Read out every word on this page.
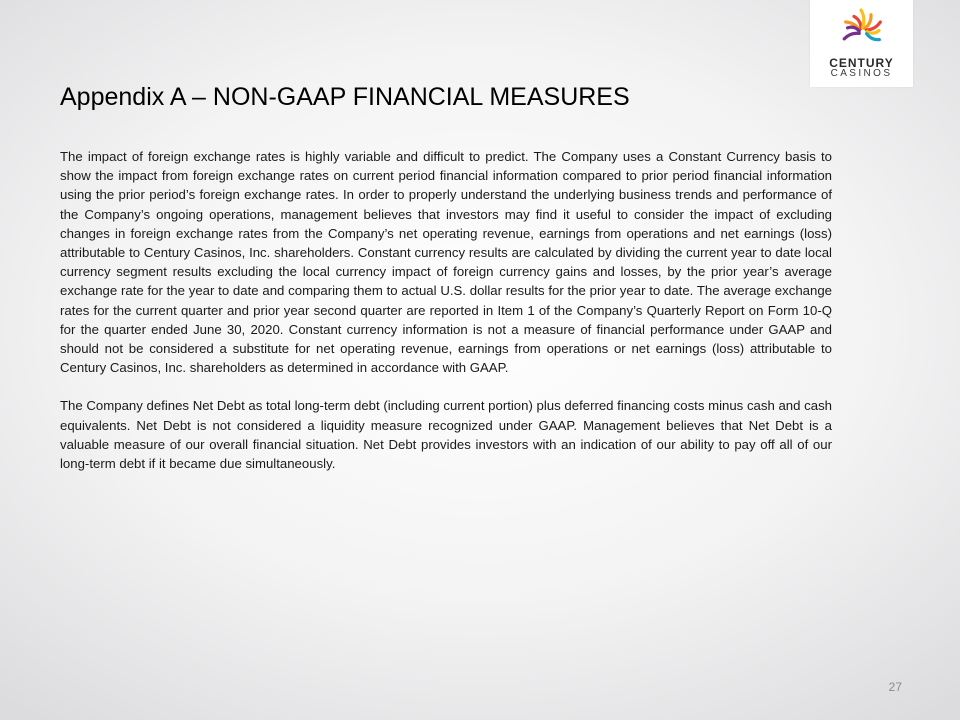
CENTURY
CASINOS
Appendix A – NON-GAAP FINANCIAL MEASURES

The impact of foreign exchange rates is highly variable and difficult to predict. The Company uses a Constant Currency basis to show the impact from foreign exchange rates on current period financial information compared to prior period financial information using the prior period’s foreign exchange rates. In order to properly understand the underlying business trends and performance of the Company’s ongoing operations, management believes that investors may find it useful to consider the impact of excluding changes in foreign exchange rates from the Company’s net operating revenue, earnings from operations and net earnings (loss) attributable to Century Casinos, Inc. shareholders. Constant currency results are calculated by dividing the current year to date local currency segment results excluding the local currency impact of foreign currency gains and losses, by the prior year’s average exchange rate for the year to date and comparing them to actual U.S. dollar results for the prior year to date. The average exchange rates for the current quarter and prior year second quarter are reported in Item 1 of the Company’s Quarterly Report on Form 10-Q for the quarter ended June 30, 2020. Constant currency information is not a measure of financial performance under GAAP and should not be considered a substitute for net operating revenue, earnings from operations or net earnings (loss) attributable to Century Casinos, Inc. shareholders as determined in accordance with GAAP.

The Company defines Net Debt as total long-term debt (including current portion) plus deferred financing costs minus cash and cash equivalents. Net Debt is not considered a liquidity measure recognized under GAAP. Management believes that Net Debt is a valuable measure of our overall financial situation. Net Debt provides investors with an indication of our ability to pay off all of our long-term debt if it became due simultaneously.

27
